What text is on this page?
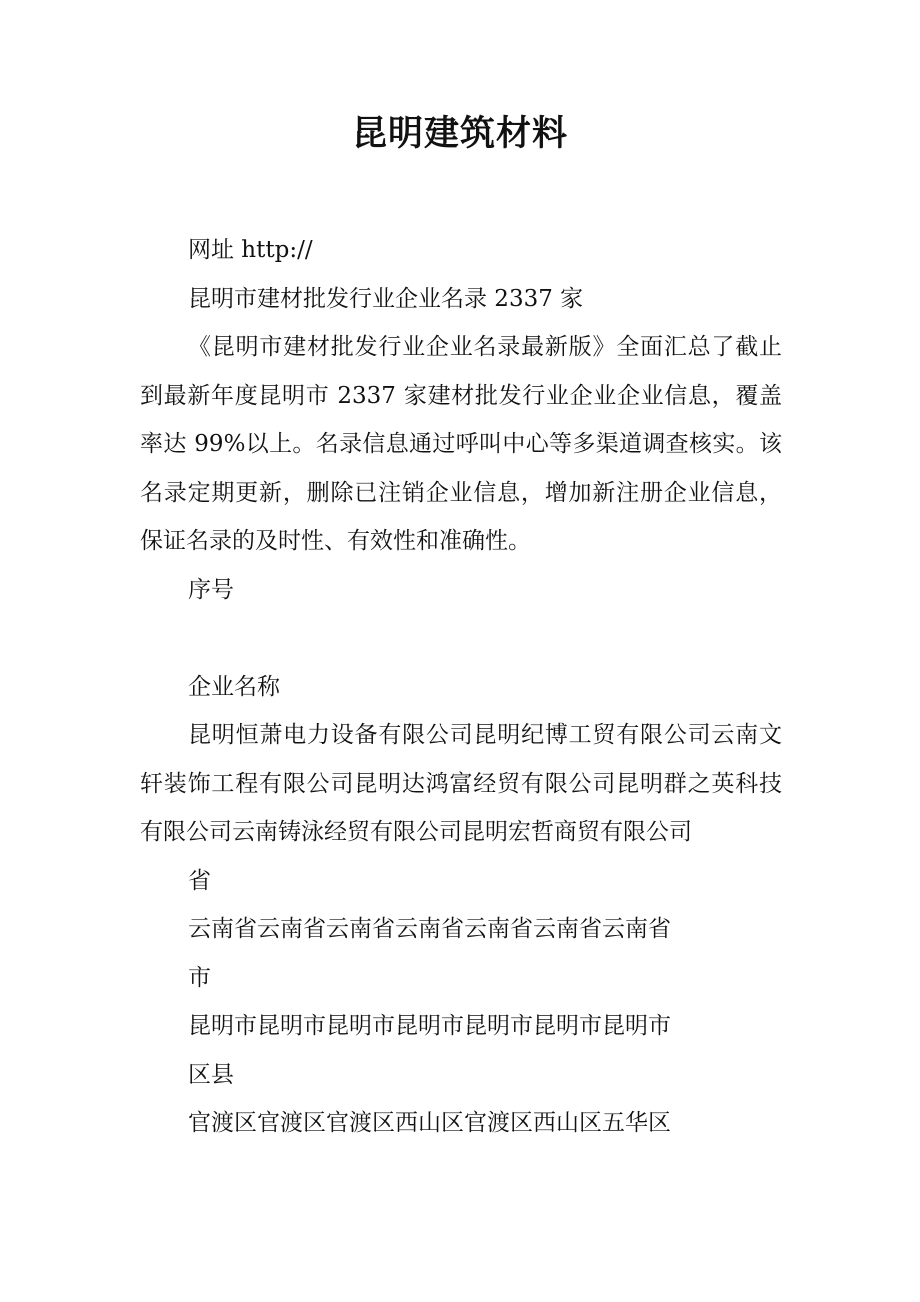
昆明建筑材料

网址 http://

昆明市建材批发行业企业名录 2337 家

《昆明市建材批发行业企业名录最新版》全面汇总了截止到最新年度昆明市 2337 家建材批发行业企业企业信息，覆盖率达 99%以上。名录信息通过呼叫中心等多渠道调查核实。该名录定期更新，删除已注销企业信息，增加新注册企业信息，保证名录的及时性、有效性和准确性。

序号

企业名称

昆明恒萧电力设备有限公司昆明纪博工贸有限公司云南文轩装饰工程有限公司昆明达鸿富经贸有限公司昆明群之英科技有限公司云南铸泳经贸有限公司昆明宏哲商贸有限公司

省

云南省云南省云南省云南省云南省云南省云南省

市

昆明市昆明市昆明市昆明市昆明市昆明市昆明市

区县

官渡区官渡区官渡区西山区官渡区西山区五华区
